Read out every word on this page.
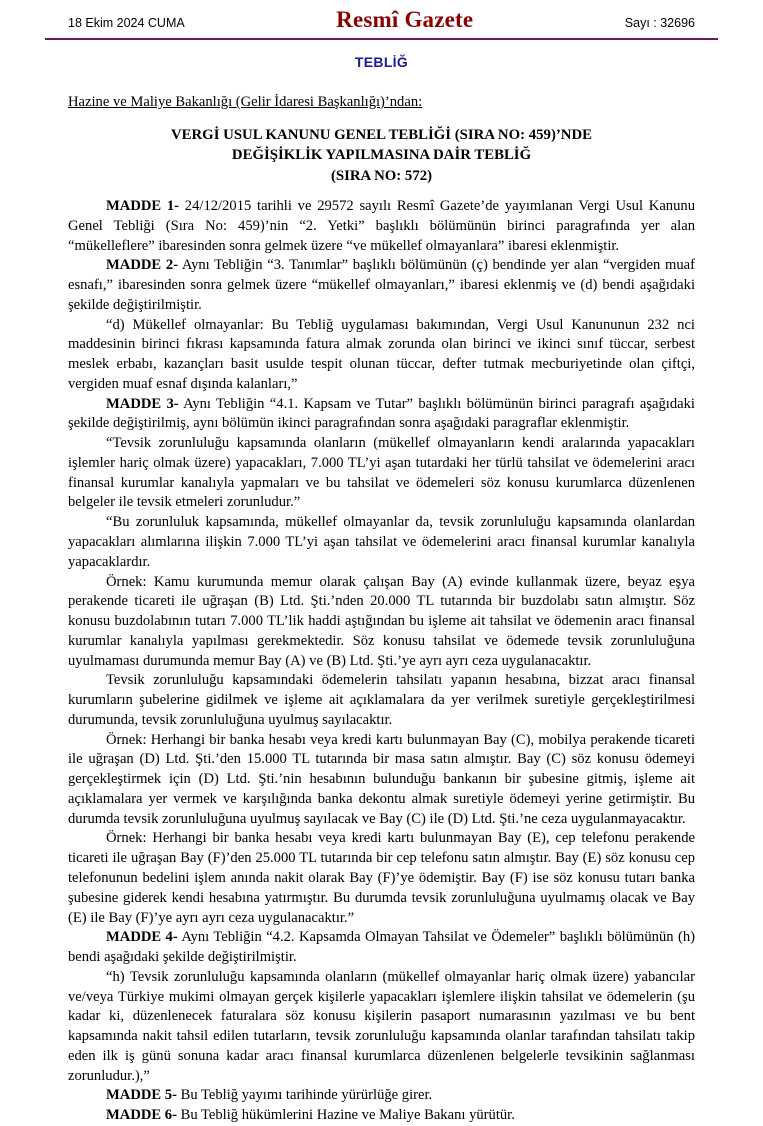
18 Ekim 2024 CUMA	Resmî Gazete	Sayı : 32696
TEBLİĞ
Hazine ve Maliye Bakanlığı (Gelir İdaresi Başkanlığı)’ndan:
VERGİ USUL KANUNU GENEL TEBLİĞİ (SIRA NO: 459)’NDE
DEĞİŞİKLİK YAPILMASINA DAİR TEBLİĞ
(SIRA NO: 572)

MADDE 1- 24/12/2015 tarihli ve 29572 sayılı Resmî Gazete’de yayımlanan Vergi Usul Kanunu Genel Tebliği (Sıra No: 459)’nin “2. Yetki” başlıklı bölümünün birinci paragrafında yer alan “mükelleflere” ibaresinden sonra gelmek üzere “ve mükellef olmayanlara” ibaresi eklenmiştir.

MADDE 2- Aynı Tebliğin “3. Tanımlar” başlıklı bölümünün (ç) bendinde yer alan “vergiden muaf esnafı,” ibaresinden sonra gelmek üzere “mükellef olmayanları,” ibaresi eklenmiş ve (d) bendi aşağıdaki şekilde değiştirilmiştir.

“d) Mükellef olmayanlar: Bu Tebliğ uygulaması bakımından, Vergi Usul Kanununun 232 nci maddesinin birinci fıkrası kapsamında fatura almak zorunda olan birinci ve ikinci sınıf tüccar, serbest meslek erbabı, kazançları basit usulde tespit olunan tüccar, defter tutmak mecburiyetinde olan çiftçi, vergiden muaf esnaf dışında kalanları,”

MADDE 3- Aynı Tebliğin “4.1. Kapsam ve Tutar” başlıklı bölümünün birinci paragrafı aşağıdaki şekilde değiştirilmiş, aynı bölümün ikinci paragrafından sonra aşağıdaki paragraflar eklenmiştir.

“Tevsik zorunluluğu kapsamında olanların (mükellef olmayanların kendi aralarında yapacakları işlemler hariç olmak üzere) yapacakları, 7.000 TL’yi aşan tutardaki her türlü tahsilat ve ödemelerini aracı finansal kurumlar kanalıyla yapmaları ve bu tahsilat ve ödemeleri söz konusu kurumlarca düzenlenen belgeler ile tevsik etmeleri zorunludur.”

“Bu zorunluluk kapsamında, mükellef olmayanlar da, tevsik zorunluluğu kapsamında olanlardan yapacakları alımlarına ilişkin 7.000 TL’yi aşan tahsilat ve ödemelerini aracı finansal kurumlar kanalıyla yapacaklardır.

Örnek: Kamu kurumunda memur olarak çalışan Bay (A) evinde kullanmak üzere, beyaz eşya perakende ticareti ile uğraşan (B) Ltd. Şti.’nden 20.000 TL tutarında bir buzdolabı satın almıştır. Söz konusu buzdolabının tutarı 7.000 TL’lik haddi aştığından bu işleme ait tahsilat ve ödemenin aracı finansal kurumlar kanalıyla yapılması gerekmektedir. Söz konusu tahsilat ve ödemede tevsik zorunluluğuna uyulmaması durumunda memur Bay (A) ve (B) Ltd. Şti.’ye ayrı ayrı ceza uygulanacaktır.

Tevsik zorunluluğu kapsamındaki ödemelerin tahsilatı yapanın hesabına, bizzat aracı finansal kurumların şubelerine gidilmek ve işleme ait açıklamalara da yer verilmek suretiyle gerçekleştirilmesi durumunda, tevsik zorunluluğuna uyulmuş sayılacaktır.

Örnek: Herhangi bir banka hesabı veya kredi kartı bulunmayan Bay (C), mobilya perakende ticareti ile uğraşan (D) Ltd. Şti.’den 15.000 TL tutarında bir masa satın almıştır. Bay (C) söz konusu ödemeyi gerçekleştirmek için (D) Ltd. Şti.’nin hesabının bulunduğu bankanın bir şubesine gitmiş, işleme ait açıklamalara yer vermek ve karşılığında banka dekontu almak suretiyle ödemeyi yerine getirmiştir. Bu durumda tevsik zorunluluğuna uyulmuş sayılacak ve Bay (C) ile (D) Ltd. Şti.’ne ceza uygulanmayacaktır.

Örnek: Herhangi bir banka hesabı veya kredi kartı bulunmayan Bay (E), cep telefonu perakende ticareti ile uğraşan Bay (F)’den 25.000 TL tutarında bir cep telefonu satın almıştır. Bay (E) söz konusu cep telefonunun bedelini işlem anında nakit olarak Bay (F)’ye ödemiştir. Bay (F) ise söz konusu tutarı banka şubesine giderek kendi hesabına yatırmıştır. Bu durumda tevsik zorunluluğuna uyulmamış olacak ve Bay (E) ile Bay (F)’ye ayrı ayrı ceza uygulanacaktır.”

MADDE 4- Aynı Tebliğin “4.2. Kapsamda Olmayan Tahsilat ve Ödemeler” başlıklı bölümünün (h) bendi aşağıdaki şekilde değiştirilmiştir.

“h) Tevsik zorunluluğu kapsamında olanların (mükellef olmayanlar hariç olmak üzere) yabancılar ve/veya Türkiye mukimi olmayan gerçek kişilerle yapacakları işlemlere ilişkin tahsilat ve ödemelerin (şu kadar ki, düzenlenecek faturalara söz konusu kişilerin pasaport numarasının yazılması ve bu bent kapsamında nakit tahsil edilen tutarların, tevsik zorunluluğu kapsamında olanlar tarafından tahsilatı takip eden ilk iş günü sonuna kadar aracı finansal kurumlarca düzenlenen belgelerle tevsikinin sağlanması zorunludur.),”

MADDE 5- Bu Tebliğ yayımı tarihinde yürürlüğe girer.

MADDE 6- Bu Tebliğ hükümlerini Hazine ve Maliye Bakanı yürütür.
